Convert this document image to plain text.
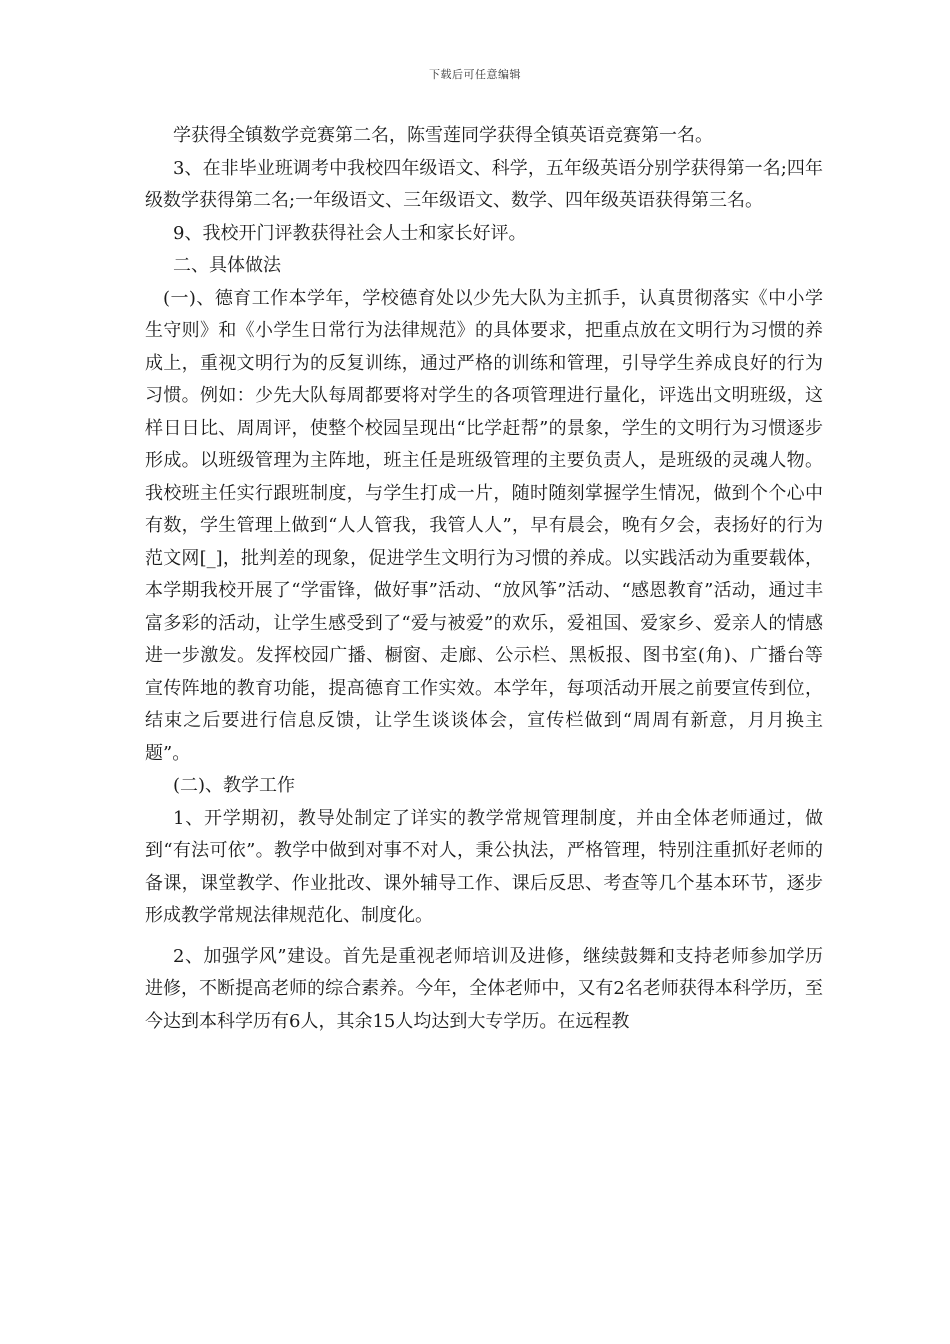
下载后可任意编辑

学获得全镇数学竞赛第二名，陈雪莲同学获得全镇英语竞赛第一名。

3、在非毕业班调考中我校四年级语文、科学，五年级英语分别学获得第一名;四年级数学获得第二名;一年级语文、三年级语文、数学、四年级英语获得第三名。

9、我校开门评教获得社会人士和家长好评。

二、具体做法

(一)、德育工作本学年，学校德育处以少先大队为主抓手，认真贯彻落实《中小学生守则》和《小学生日常行为法律规范》的具体要求，把重点放在文明行为习惯的养成上，重视文明行为的反复训练，通过严格的训练和管理，引导学生养成良好的行为习惯。例如：少先大队每周都要将对学生的各项管理进行量化，评选出文明班级，这样日日比、周周评，使整个校园呈现出“比学赶帮”的景象，学生的文明行为习惯逐步形成。以班级管理为主阵地，班主任是班级管理的主要负责人，是班级的灵魂人物。我校班主任实行跟班制度，与学生打成一片，随时随刻掌握学生情况，做到个个心中有数，学生管理上做到“人人管我，我管人人”，早有晨会，晚有夕会，表扬好的行为范文网[_]，批判差的现象，促进学生文明行为习惯的养成。以实践活动为重要载体，本学期我校开展了“学雷锋，做好事”活动、“放风筝”活动、“感恩教育”活动，通过丰富多彩的活动，让学生感受到了“爱与被爱”的欢乐，爱祖国、爱家乡、爱亲人的情感进一步激发。发挥校园广播、橱窗、走廊、公示栏、黑板报、图书室(角)、广播台等宣传阵地的教育功能，提高德育工作实效。本学年，每项活动开展之前要宣传到位，结束之后要进行信息反馈，让学生谈谈体会，宣传栏做到“周周有新意，月月换主题”。

(二)、教学工作

1、开学期初，教导处制定了详实的教学常规管理制度，并由全体老师通过，做到“有法可依”。教学中做到对事不对人，秉公执法，严格管理，特别注重抓好老师的备课，课堂教学、作业批改、课外辅导工作、课后反思、考查等几个基本环节，逐步形成教学常规法律规范化、制度化。

2、加强学风”建设。首先是重视老师培训及进修，继续鼓舞和支持老师参加学历进修，不断提高老师的综合素养。今年，全体老师中，又有2名老师获得本科学历，至今达到本科学历有6人，其余15人均达到大专学历。在远程教
